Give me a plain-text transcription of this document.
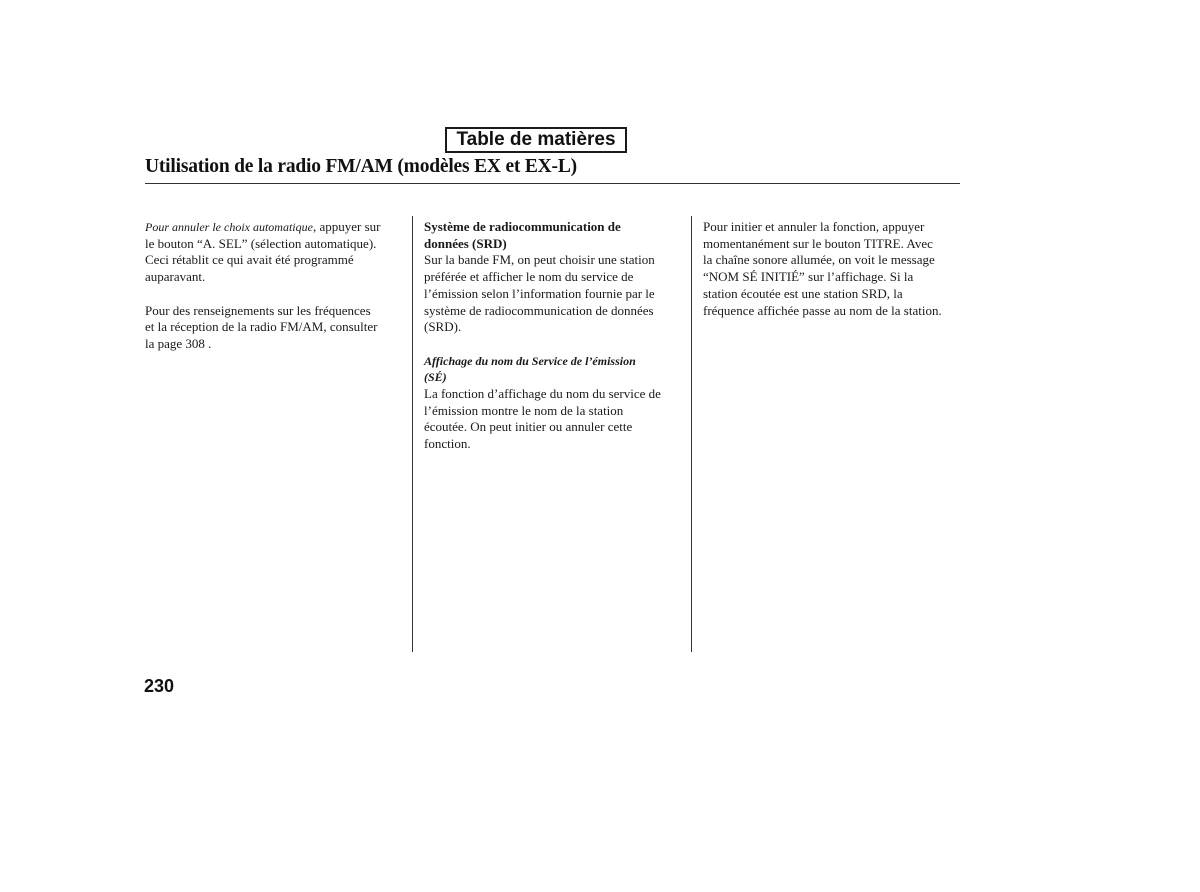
Table de matières
Utilisation de la radio FM/AM (modèles EX et EX-L)

Pour annuler le choix automatique, appuyer sur

le bouton “A. SEL” (sélection automatique).

Ceci rétablit ce qui avait été programmé

auparavant.

Pour des renseignements sur les fréquences

et la réception de la radio FM/AM, consulter

la page 308 .

Système de radiocommunication de

données (SRD)

Sur la bande FM, on peut choisir une station

préférée et afficher le nom du service de

l’émission selon l’information fournie par le

système de radiocommunication de données

(SRD).

Affichage du nom du Service de l’émission

(SÉ)

La fonction d’affichage du nom du service de

l’émission montre le nom de la station

écoutée. On peut initier ou annuler cette

fonction.

Pour initier et annuler la fonction, appuyer

momentanément sur le bouton TITRE. Avec

la chaîne sonore allumée, on voit le message

“NOM SÉ INITIÉ” sur l’affichage. Si la

station écoutée est une station SRD, la

fréquence affichée passe au nom de la station.

230
